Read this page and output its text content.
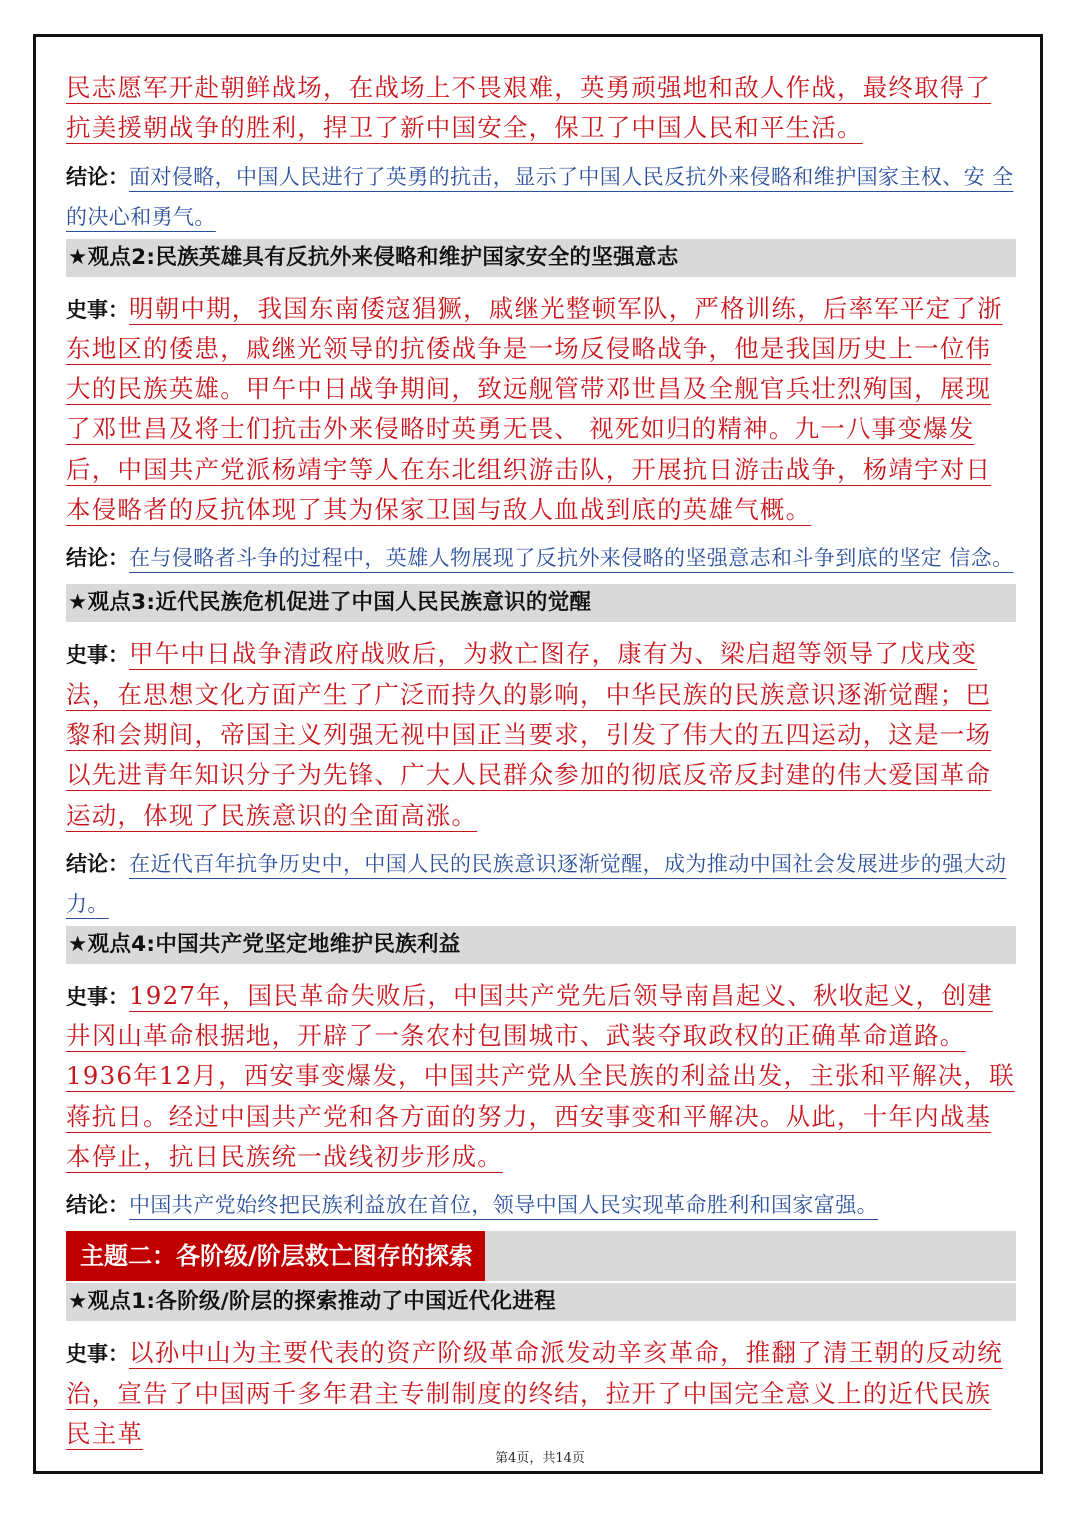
民志愿军开赴朝鲜战场，在战场上不畏艰难，英勇顽强地和敌人作战，最终取得了抗美援朝战争的胜利，捍卫了新中国安全，保卫了中国人民和平生活。

结论：面对侵略，中国人民进行了英勇的抗击，显示了中国人民反抗外来侵略和维护国家主权、安 全的决心和勇气。

★观点2:民族英雄具有反抗外来侵略和维护国家安全的坚强意志

史事：明朝中期，我国东南倭寇猖獗，戚继光整顿军队，严格训练，后率军平定了浙东地区的倭患，戚继光领导的抗倭战争是一场反侵略战争，他是我国历史上一位伟大的民族英雄。甲午中日战争期间，致远舰管带邓世昌及全舰官兵壮烈殉国，展现了邓世昌及将士们抗击外来侵略时英勇无畏、 视死如归的精神。九一八事变爆发后，中国共产党派杨靖宇等人在东北组织游击队，开展抗日游击战争，杨靖宇对日本侵略者的反抗体现了其为保家卫国与敌人血战到底的英雄气概。

结论：在与侵略者斗争的过程中，英雄人物展现了反抗外来侵略的坚强意志和斗争到底的坚定 信念。

★观点3:近代民族危机促进了中国人民民族意识的觉醒

史事：甲午中日战争清政府战败后，为救亡图存，康有为、梁启超等领导了戊戌变法，在思想文化方面产生了广泛而持久的影响，中华民族的民族意识逐渐觉醒；巴黎和会期间，帝国主义列强无视中国正当要求，引发了伟大的五四运动，这是一场以先进青年知识分子为先锋、广大人民群众参加的彻底反帝反封建的伟大爱国革命运动，体现了民族意识的全面高涨。

结论：在近代百年抗争历史中，中国人民的民族意识逐渐觉醒，成为推动中国社会发展进步的强大动力。

★观点4:中国共产党坚定地维护民族利益

史事：1927年，国民革命失败后，中国共产党先后领导南昌起义、秋收起义，创建井冈山革命根据地，开辟了一条农村包围城市、武装夺取政权的正确革命道路。1936年12月，西安事变爆发，中国共产党从全民族的利益出发，主张和平解决，联蒋抗日。经过中国共产党和各方面的努力，西安事变和平解决。从此，十年内战基本停止，抗日民族统一战线初步形成。

结论：中国共产党始终把民族利益放在首位，领导中国人民实现革命胜利和国家富强。

主题二：各阶级/阶层救亡图存的探索
★观点1:各阶级/阶层的探索推动了中国近代化进程

史事：以孙中山为主要代表的资产阶级革命派发动辛亥革命，推翻了清王朝的反动统治，宣告了中国两千多年君主专制制度的终结，拉开了中国完全意义上的近代民族民主革

第4页，共14页
